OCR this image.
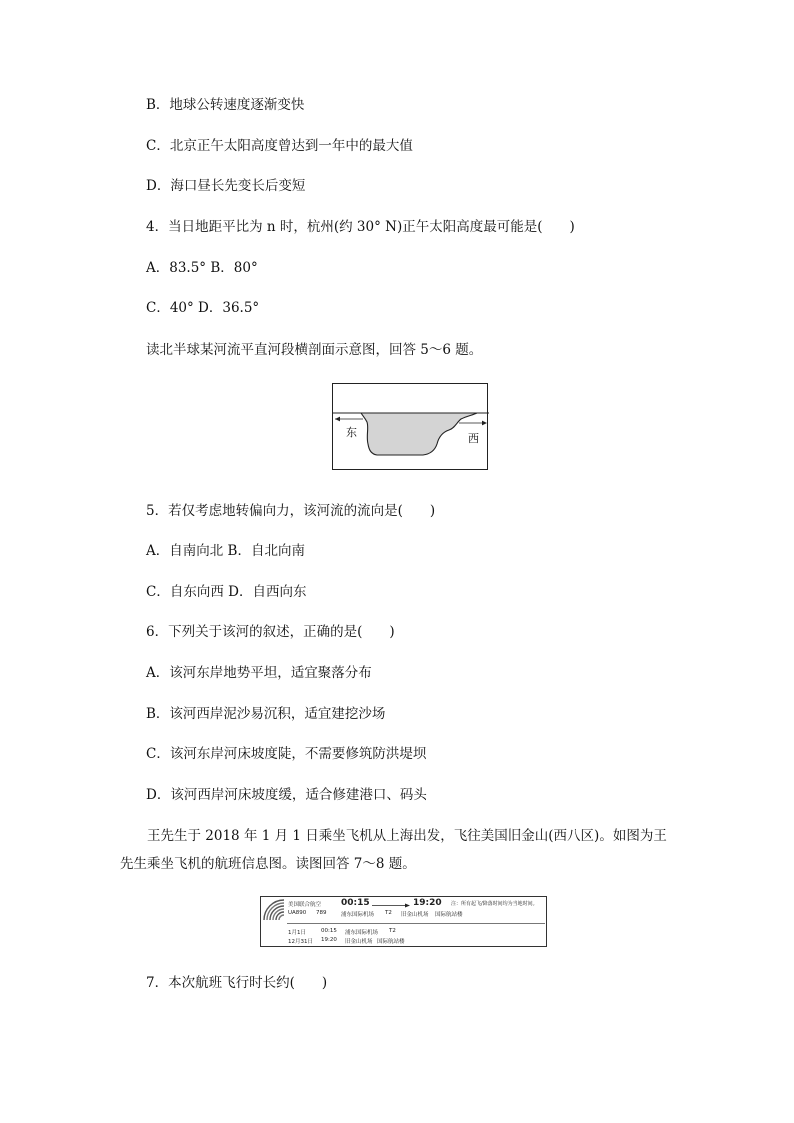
B．地球公转速度逐渐变快
C．北京正午太阳高度曾达到一年中的最大值
D．海口昼长先变长后变短
4．当日地距平比为 n 时，杭州(约 30° N)正午太阳高度最可能是(　　)
A．83.5° B．80°
C．40° D．36.5°
读北半球某河流平直河段横剖面示意图，回答 5～6 题。
东	西
5．若仅考虑地转偏向力，该河流的流向是(　　)
A．自南向北 B．自北向南
C．自东向西 D．自西向东
6．下列关于该河的叙述，正确的是(　　)
A．该河东岸地势平坦，适宜聚落分布
B．该河西岸泥沙易沉积，适宜建挖沙场
C．该河东岸河床坡度陡，不需要修筑防洪堤坝
D．该河西岸河床坡度缓，适合修建港口、码头
王先生于 2018 年 1 月 1 日乘坐飞机从上海出发，飞往美国旧金山(西八区)。如图为王先生乘坐飞机的航班信息图。读图回答 7～8 题。
美国联合航空 00:15	19:20 注：所有起飞/降落时间均为当地时间。
UA890 789	浦东国际机场 T2 旧金山机场 国际航站楼
1月1日	00:15 浦东国际机场 T2
12月31日 19:20 旧金山机场 国际航站楼
7．本次航班飞行时长约(　　)
